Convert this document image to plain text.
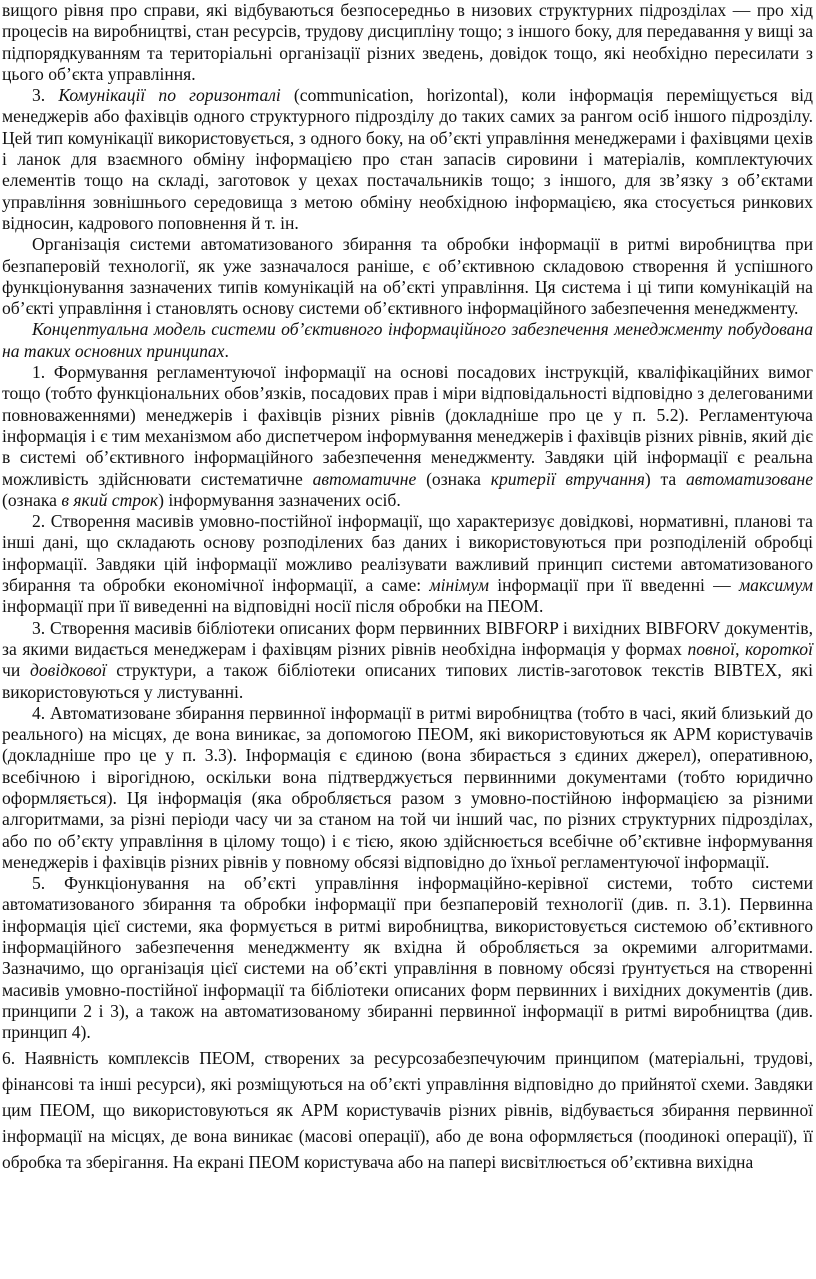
вищого рівня про справи, які відбуваються безпосередньо в низових структурних підрозділах — про хід процесів на виробництві, стан ресурсів, трудову дисципліну тощо; з іншого боку, для передавання у вищі за підпорядкуванням та територіальні організації різних зведень, довідок тощо, які необхідно пересилати з цього об’єкта управління.

3. Комунікації по горизонталі (communication, horizontal), коли інформація переміщується від менеджерів або фахівців одного структурного підрозділу до таких самих за рангом осіб іншого підрозділу. Цей тип комунікації використовується, з одного боку, на об’єкті управління менеджерами і фахівцями цехів і ланок для взаємного обміну інформацією про стан запасів сировини і матеріалів, комплектуючих елементів тощо на складі, заготовок у цехах постачальників тощо; з іншого, для зв’язку з об’єктами управління зовнішнього середовища з метою обміну необхідною інформацією, яка стосується ринкових відносин, кадрового поповнення й т. ін.

Організація системи автоматизованого збирання та обробки інформації в ритмі виробництва при безпаперовій технології, як уже зазначалося раніше, є об’єктивною складовою створення й успішного функціонування зазначених типів комунікацій на об’єкті управління. Ця система і ці типи комунікацій на об’єкті управління і становлять основу системи об’єктивного інформаційного забезпечення менеджменту.

Концептуальна модель системи об’єктивного інформаційного забезпечення менеджменту побудована на таких основних принципах.

1. Формування регламентуючої інформації на основі посадових інструкцій, кваліфікаційних вимог тощо (тобто функціональних обов’язків, посадових прав і міри відповідальності відповідно з делегованими повноваженнями) менеджерів і фахівців різних рівнів (докладніше про це у п. 5.2). Регламентуюча інформація і є тим механізмом або диспетчером інформування менеджерів і фахівців різних рівнів, який діє в системі об’єктивного інформаційного забезпечення менеджменту. Завдяки цій інформації є реальна можливість здійснювати систематичне автоматичне (ознака критерії втручання) та автоматизоване (ознака в який строк) інформування зазначених осіб.

2. Створення масивів умовно-постійної інформації, що характеризує довідкові, нормативні, планові та інші дані, що складають основу розподілених баз даних і використовуються при розподіленій обробці інформації. Завдяки цій інформації можливо реалізувати важливий принцип системи автоматизованого збирання та обробки економічної інформації, а саме: мінімум інформації при її введенні — максимум інформації при її виведенні на відповідні носії після обробки на ПЕОМ.

3. Створення масивів бібліотеки описаних форм первинних BIBFORP і вихідних BIBFORV документів, за якими видається менеджерам і фахівцям різних рівнів необхідна інформація у формах повної, короткої чи довідкової структури, а також бібліотеки описаних типових листів-заготовок текстів BIBTEX, які використовуються у листуванні.

4. Автоматизоване збирання первинної інформації в ритмі виробництва (тобто в часі, який близький до реального) на місцях, де вона виникає, за допомогою ПЕОМ, які використовуються як АРМ користувачів (докладніше про це у п. 3.3). Інформація є єдиною (вона збирається з єдиних джерел), оперативною, всебічною і вірогідною, оскільки вона підтверджується первинними документами (тобто юридично оформляється). Ця інформація (яка обробляється разом з умовно-постійною інформацією за різними алгоритмами, за різні періоди часу чи за станом на той чи інший час, по різних структурних підрозділах, або по об’єкту управління в цілому тощо) і є тією, якою здійснюється всебічне об’єктивне інформування менеджерів і фахівців різних рівнів у повному обсязі відповідно до їхньої регламентуючої інформації.

5. Функціонування на об’єкті управління інформаційно-керівної системи, тобто системи автоматизованого збирання та обробки інформації при безпаперовій технології (див. п. 3.1). Первинна інформація цієї системи, яка формується в ритмі виробництва, використовується системою об’єктивного інформаційного забезпечення менеджменту як вхідна й обробляється за окремими алгоритмами. Зазначимо, що організація цієї системи на об’єкті управління в повному обсязі ґрунтується на створенні масивів умовно-постійної інформації та бібліотеки описаних форм первинних і вихідних документів (див. принципи 2 і 3), а також на автоматизованому збиранні первинної інформації в ритмі виробництва (див. принцип 4).

6. Наявність комплексів ПЕОМ, створених за ресурсозабезпечуючим принципом (матеріальні, трудові, фінансові та інші ресурси), які розміщуються на об’єкті управління відповідно до прийнятої схеми. Завдяки цим ПЕОМ, що використовуються як АРМ користувачів різних рівнів, відбувається збирання первинної інформації на місцях, де вона виникає (масові операції), або де вона оформляється (поодинокі операції), її обробка та зберігання. На екрані ПЕОМ користувача або на папері висвітлюється об’єктивна вихідна
